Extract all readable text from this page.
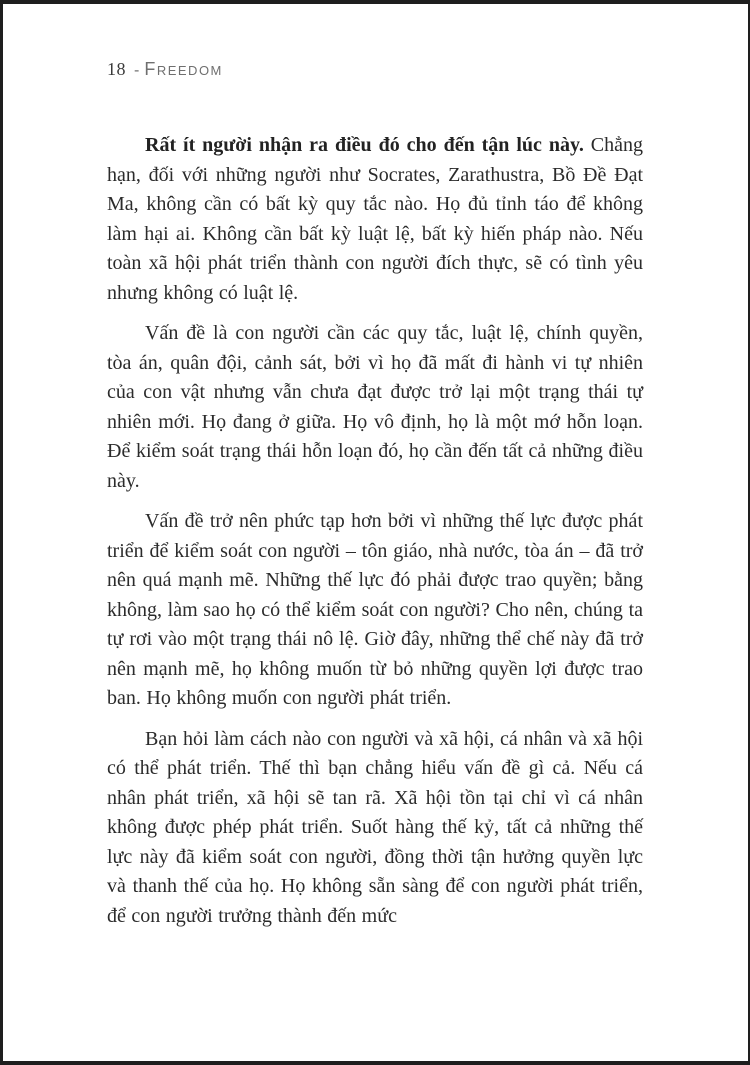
18 - Freedom

Rất ít người nhận ra điều đó cho đến tận lúc này. Chẳng hạn, đối với những người như Socrates, Zarathustra, Bồ Đề Đạt Ma, không cần có bất kỳ quy tắc nào. Họ đủ tỉnh táo để không làm hại ai. Không cần bất kỳ luật lệ, bất kỳ hiến pháp nào. Nếu toàn xã hội phát triển thành con người đích thực, sẽ có tình yêu nhưng không có luật lệ.

Vấn đề là con người cần các quy tắc, luật lệ, chính quyền, tòa án, quân đội, cảnh sát, bởi vì họ đã mất đi hành vi tự nhiên của con vật nhưng vẫn chưa đạt được trở lại một trạng thái tự nhiên mới. Họ đang ở giữa. Họ vô định, họ là một mớ hỗn loạn. Để kiểm soát trạng thái hỗn loạn đó, họ cần đến tất cả những điều này.

Vấn đề trở nên phức tạp hơn bởi vì những thế lực được phát triển để kiểm soát con người – tôn giáo, nhà nước, tòa án – đã trở nên quá mạnh mẽ. Những thế lực đó phải được trao quyền; bằng không, làm sao họ có thể kiểm soát con người? Cho nên, chúng ta tự rơi vào một trạng thái nô lệ. Giờ đây, những thể chế này đã trở nên mạnh mẽ, họ không muốn từ bỏ những quyền lợi được trao ban. Họ không muốn con người phát triển.

Bạn hỏi làm cách nào con người và xã hội, cá nhân và xã hội có thể phát triển. Thế thì bạn chẳng hiểu vấn đề gì cả. Nếu cá nhân phát triển, xã hội sẽ tan rã. Xã hội tồn tại chỉ vì cá nhân không được phép phát triển. Suốt hàng thế kỷ, tất cả những thế lực này đã kiểm soát con người, đồng thời tận hưởng quyền lực và thanh thế của họ. Họ không sẵn sàng để con người phát triển, để con người trưởng thành đến mức
